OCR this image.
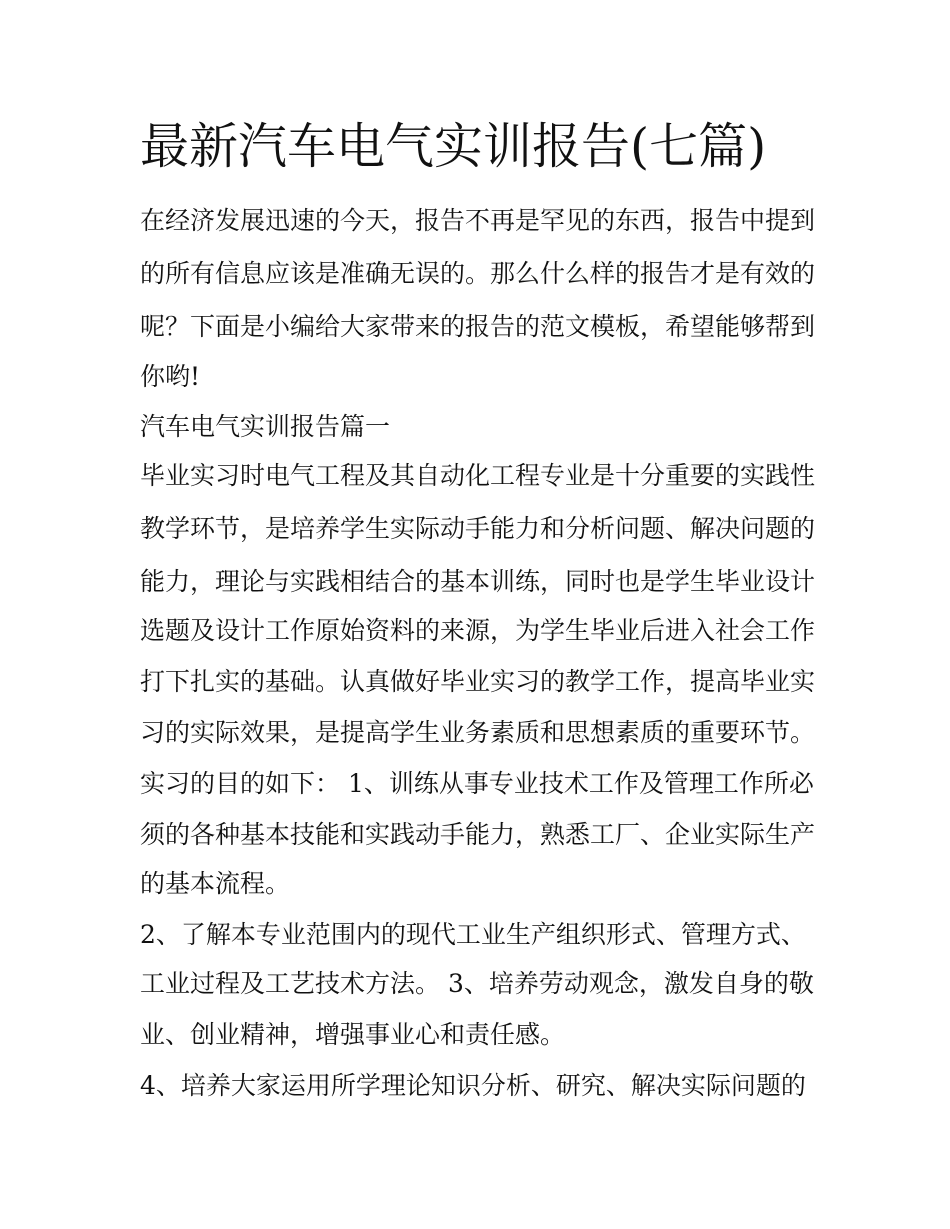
最新汽车电气实训报告(七篇)

在经济发展迅速的今天，报告不再是罕见的东西，报告中提到

的所有信息应该是准确无误的。那么什么样的报告才是有效的

呢？下面是小编给大家带来的报告的范文模板，希望能够帮到

你哟!

汽车电气实训报告篇一

毕业实习时电气工程及其自动化工程专业是十分重要的实践性

教学环节，是培养学生实际动手能力和分析问题、解决问题的

能力，理论与实践相结合的基本训练，同时也是学生毕业设计

选题及设计工作原始资料的来源，为学生毕业后进入社会工作

打下扎实的基础。认真做好毕业实习的教学工作，提高毕业实

习的实际效果，是提高学生业务素质和思想素质的重要环节。

实习的目的如下： 1、训练从事专业技术工作及管理工作所必

须的各种基本技能和实践动手能力，熟悉工厂、企业实际生产

的基本流程。

2、了解本专业范围内的现代工业生产组织形式、管理方式、

工业过程及工艺技术方法。 3、培养劳动观念，激发自身的敬

业、创业精神，增强事业心和责任感。

4、培养大家运用所学理论知识分析、研究、解决实际问题的
